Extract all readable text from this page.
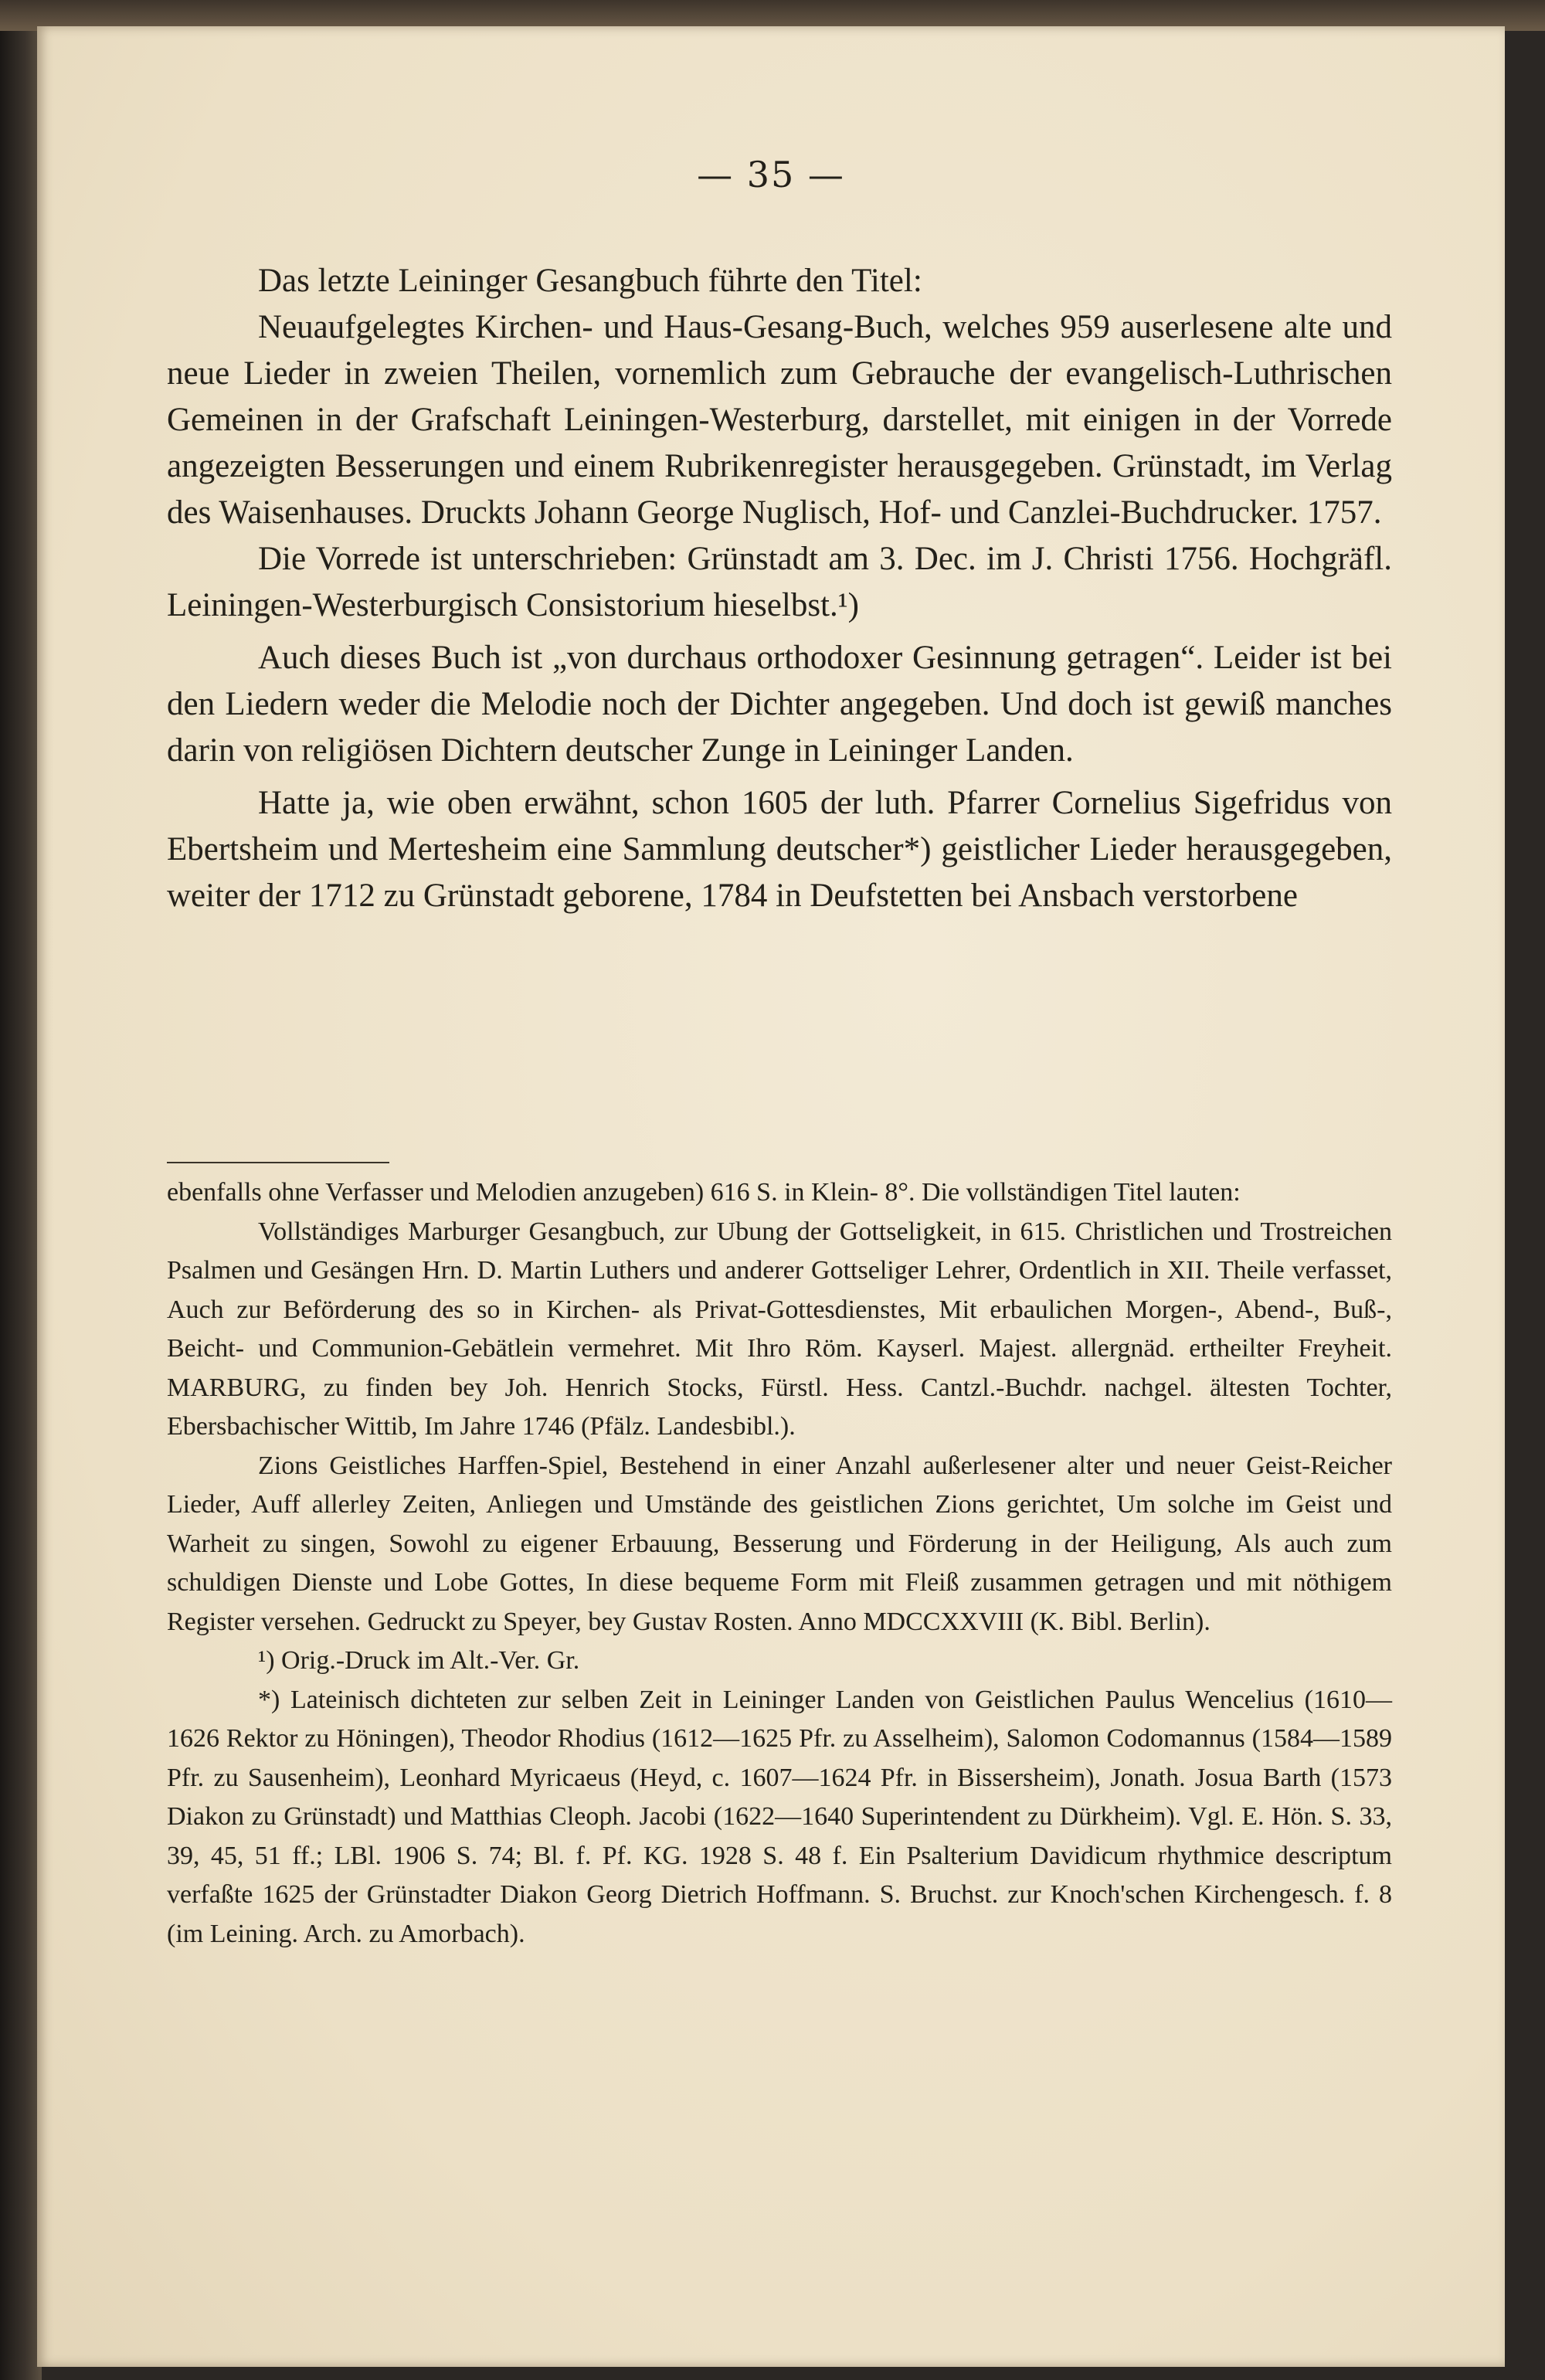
— 35 —

Das letzte Leininger Gesangbuch führte den Titel:

Neuaufgelegtes Kirchen- und Haus-Gesang-Buch, welches 959 auserlesene alte und neue Lieder in zweien Theilen, vornemlich zum Gebrauche der evangelisch-Luthrischen Gemeinen in der Grafschaft Leiningen-Westerburg, darstellet, mit einigen in der Vorrede angezeigten Besserungen und einem Rubrikenregister herausgegeben. Grünstadt, im Verlag des Waisenhauses. Druckts Johann George Nuglisch, Hof- und Canzlei-Buchdrucker. 1757.

Die Vorrede ist unterschrieben: Grünstadt am 3. Dec. im J. Christi 1756. Hochgräfl. Leiningen-Westerburgisch Consistorium hieselbst.¹)

Auch dieses Buch ist „von durchaus orthodoxer Gesinnung getragen“. Leider ist bei den Liedern weder die Melodie noch der Dichter angegeben. Und doch ist gewiß manches darin von religiösen Dichtern deutscher Zunge in Leininger Landen.

Hatte ja, wie oben erwähnt, schon 1605 der luth. Pfarrer Cornelius Sigefridus von Ebertsheim und Mertesheim eine Sammlung deutscher*) geistlicher Lieder herausgegeben, weiter der 1712 zu Grünstadt geborene, 1784 in Deufstetten bei Ansbach verstorbene

ebenfalls ohne Verfasser und Melodien anzugeben) 616 S. in Klein- 8°. Die vollständigen Titel lauten:

Vollständiges Marburger Gesangbuch, zur Ubung der Gottseligkeit, in 615. Christlichen und Trostreichen Psalmen und Gesängen Hrn. D. Martin Luthers und anderer Gottseliger Lehrer, Ordentlich in XII. Theile verfasset, Auch zur Beförderung des so in Kirchen- als Privat-Gottesdienstes, Mit erbaulichen Morgen-, Abend-, Buß-, Beicht- und Communion-Gebätlein vermehret. Mit Ihro Röm. Kayserl. Majest. allergnäd. ertheilter Freyheit. MARBURG, zu finden bey Joh. Henrich Stocks, Fürstl. Hess. Cantzl.-Buchdr. nachgel. ältesten Tochter, Ebersbachischer Wittib, Im Jahre 1746 (Pfälz. Landesbibl.).

Zions Geistliches Harffen-Spiel, Bestehend in einer Anzahl außerlesener alter und neuer Geist-Reicher Lieder, Auff allerley Zeiten, Anliegen und Umstände des geistlichen Zions gerichtet, Um solche im Geist und Warheit zu singen, Sowohl zu eigener Erbauung, Besserung und Förderung in der Heiligung, Als auch zum schuldigen Dienste und Lobe Gottes, In diese bequeme Form mit Fleiß zusammen getragen und mit nöthigem Register versehen. Gedruckt zu Speyer, bey Gustav Rosten. Anno MDCCXXVIII (K. Bibl. Berlin).

¹) Orig.-Druck im Alt.-Ver. Gr.

*) Lateinisch dichteten zur selben Zeit in Leininger Landen von Geistlichen Paulus Wencelius (1610—1626 Rektor zu Höningen), Theodor Rhodius (1612—1625 Pfr. zu Asselheim), Salomon Codomannus (1584—1589 Pfr. zu Sausenheim), Leonhard Myricaeus (Heyd, c. 1607—1624 Pfr. in Bissersheim), Jonath. Josua Barth (1573 Diakon zu Grünstadt) und Matthias Cleoph. Jacobi (1622—1640 Superintendent zu Dürkheim). Vgl. E. Hön. S. 33, 39, 45, 51 ff.; LBl. 1906 S. 74; Bl. f. Pf. KG. 1928 S. 48 f. Ein Psalterium Davidicum rhythmice descriptum verfaßte 1625 der Grünstadter Diakon Georg Dietrich Hoffmann. S. Bruchst. zur Knoch'schen Kirchengesch. f. 8 (im Leining. Arch. zu Amorbach).
